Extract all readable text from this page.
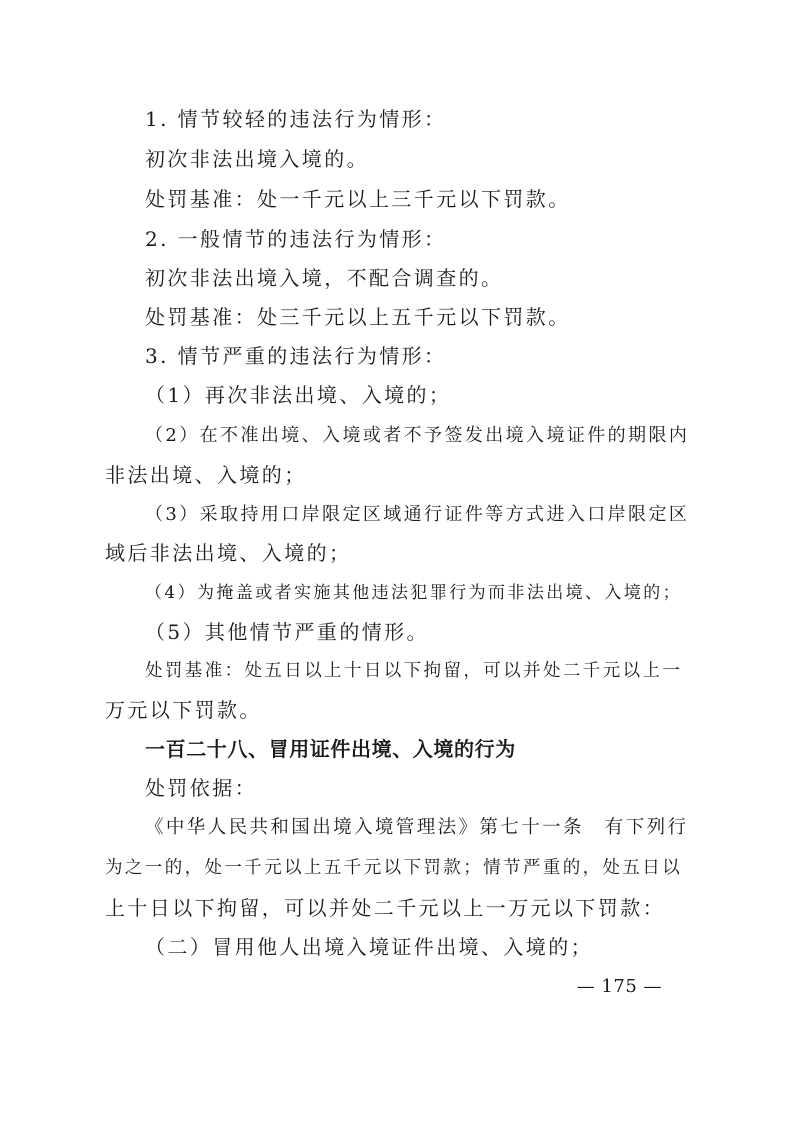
1. 情节较轻的违法行为情形：
初次非法出境入境的。
处罚基准：处一千元以上三千元以下罚款。
2. 一般情节的违法行为情形：
初次非法出境入境，不配合调查的。
处罚基准：处三千元以上五千元以下罚款。
3. 情节严重的违法行为情形：
（1）再次非法出境、入境的；
（2）在不准出境、入境或者不予签发出境入境证件的期限内
非法出境、入境的；
（3）采取持用口岸限定区域通行证件等方式进入口岸限定区
域后非法出境、入境的；
（4）为掩盖或者实施其他违法犯罪行为而非法出境、入境的；
（5）其他情节严重的情形。
处罚基准：处五日以上十日以下拘留，可以并处二千元以上一
万元以下罚款。
一百二十八、冒用证件出境、入境的行为
处罚依据：
《中华人民共和国出境入境管理法》第七十一条　有下列行
为之一的，处一千元以上五千元以下罚款；情节严重的，处五日以
上十日以下拘留，可以并处二千元以上一万元以下罚款：
（二）冒用他人出境入境证件出境、入境的；
— 175 —
